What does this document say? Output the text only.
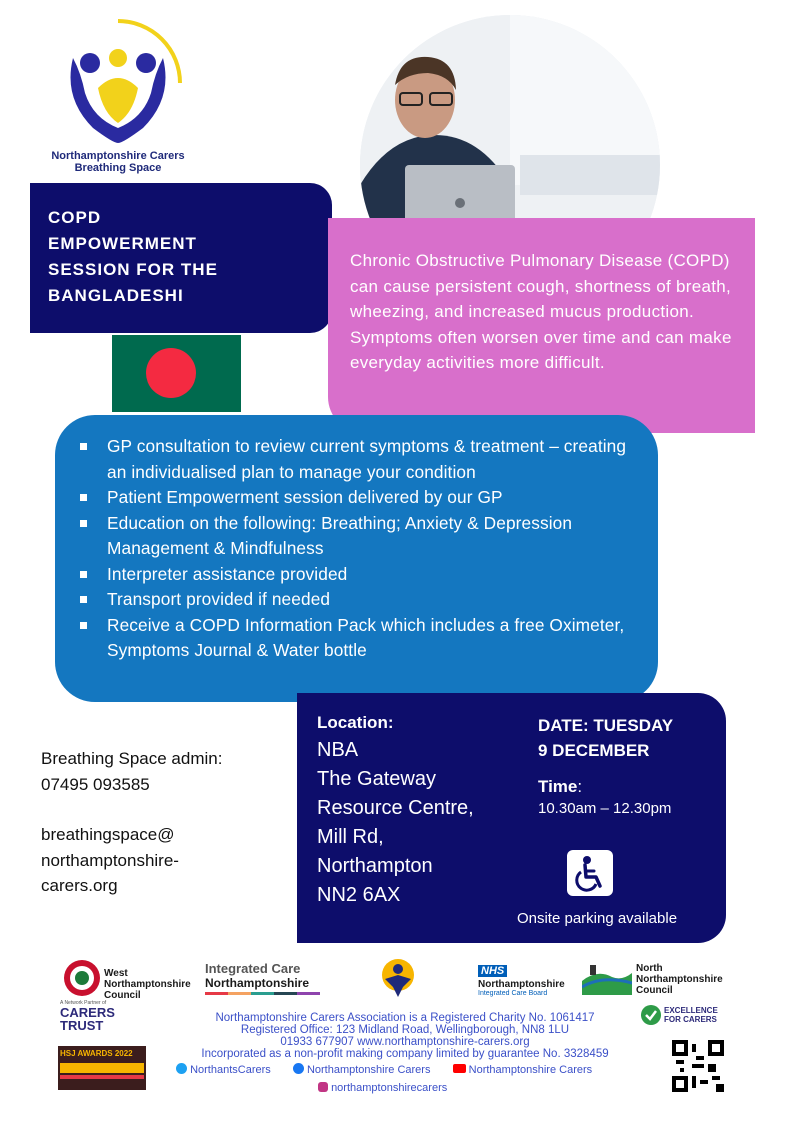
Northamptonshire Carers
Breathing Space
COPD
EMPOWERMENT
SESSION FOR THE
BANGLADESHI

Chronic Obstructive Pulmonary Disease (COPD) can cause persistent cough, shortness of breath, wheezing, and increased mucus production. Symptoms often worsen over time and can make everyday activities more difficult.

GP consultation to review current symptoms & treatment – creating an individualised plan to manage your condition
Patient Empowerment session delivered by our GP
Education on the following: Breathing; Anxiety & Depression Management & Mindfulness
Interpreter assistance provided
Transport provided if needed
Receive a COPD Information Pack which includes a free Oximeter, Symptoms Journal & Water bottle

Breathing Space admin:

07495 093585

breathingspace@

northamptonshire-

carers.org

Location:
NBA
The Gateway
Resource Centre,
Mill Rd,
Northampton
NN2 6AX
DATE: TUESDAY
9 DECEMBER
Time:
10.30am – 12.30pm
Onsite parking available
West
Northamptonshire
Council
Integrated Care
Northamptonshire
NHS
Northamptonshire
Integrated Care Board
North
Northamptonshire
Council
A Network Partner of
CARERS
TRUST
HSJ AWARDS 2022
EXCELLENCE
FOR CARERS
Northamptonshire Carers Association is a Registered Charity No. 1061417
Registered Office: 123 Midland Road, Wellingborough, NN8 1LU
01933 677907 www.northamptonshire-carers.org
Incorporated as a non-profit making company limited by guarantee No. 3328459
NorthantsCarers	Northamptonshire Carers	Northamptonshire Carers
northamptonshirecarers
